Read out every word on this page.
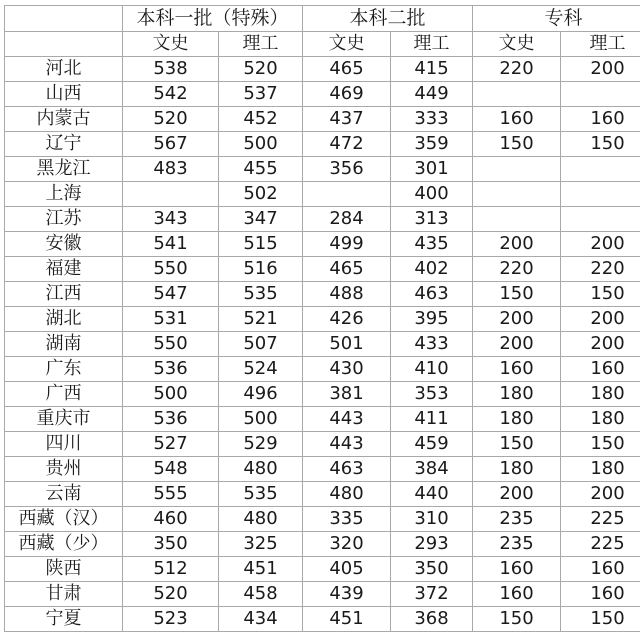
	本科一批（特殊）		本科二批		专科	
	文史	理工	文史	理工	文史	理工
河北	538	520	465	415	220	200
山西	542	537	469	449		
内蒙古	520	452	437	333	160	160
辽宁	567	500	472	359	150	150
黑龙江	483	455	356	301		
上海		502		400		
江苏	343	347	284	313		
安徽	541	515	499	435	200	200
福建	550	516	465	402	220	220
江西	547	535	488	463	150	150
湖北	531	521	426	395	200	200
湖南	550	507	501	433	200	200
广东	536	524	430	410	160	160
广西	500	496	381	353	180	180
重庆市	536	500	443	411	180	180
四川	527	529	443	459	150	150
贵州	548	480	463	384	180	180
云南	555	535	480	440	200	200
西藏（汉）	460	480	335	310	235	225
西藏（少）	350	325	320	293	235	225
陕西	512	451	405	350	160	160
甘肃	520	458	439	372	160	160
宁夏	523	434	451	368	150	150
